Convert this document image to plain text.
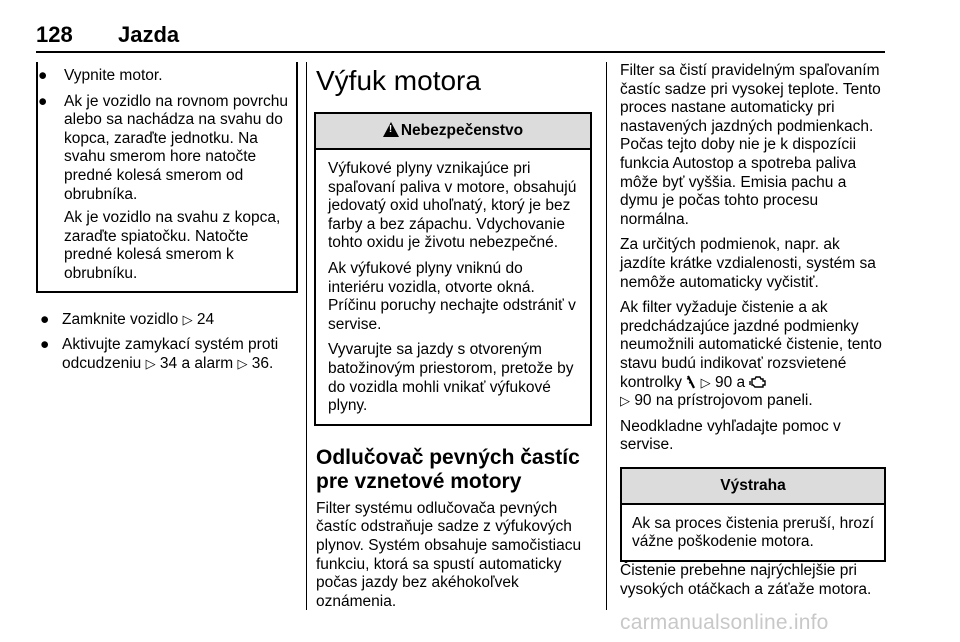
128 Jazda
● Vypnite motor.
● Ak je vozidlo na rovnom povrchu alebo sa nachádza na svahu do kopca, zaraďte jednotku. Na svahu smerom hore natočte predné kolesá smerom od obrubníka.
Ak je vozidlo na svahu z kopca, zaraďte spiatočku. Natočte predné kolesá smerom k obrubníku.
● Zamknite vozidlo ▷ 24
● Aktivujte zamykací systém proti odcudzeniu ▷ 34 a alarm ▷ 36.
Výfuk motora
!Nebezpečenstvo

Výfukové plyny vznikajúce pri spaľovaní paliva v motore, obsahujú jedovatý oxid uhoľnatý, ktorý je bez farby a bez zápachu. Vdychovanie tohto oxidu je životu nebezpečné.

Ak výfukové plyny vniknú do interiéru vozidla, otvorte okná. Príčinu poruchy nechajte odstrániť v servise.

Vyvarujte sa jazdy s otvoreným batožinovým priestorom, pretože by do vozidla mohli vnikať výfukové plyny.

Odlučovač pevných častíc pre vznetové motory

Filter systému odlučovača pevných častíc odstraňuje sadze z výfukových plynov. Systém obsahuje samočistiacu funkciu, ktorá sa spustí automaticky počas jazdy bez akéhokoľvek oznámenia.

Filter sa čistí pravidelným spaľovaním častíc sadze pri vysokej teplote. Tento proces nastane automaticky pri nastavených jazdných podmienkach. Počas tejto doby nie je k dispozícii funkcia Autostop a spotreba paliva môže byť vyššia. Emisia pachu a dymu je počas tohto procesu normálna.

Za určitých podmienok, napr. ak jazdíte krátke vzdialenosti, systém sa nemôže automaticky vyčistiť.

Ak filter vyžaduje čistenie a ak predchádzajúce jazdné podmienky neumožnili automatické čistenie, tento stavu budú indikovať rozsvietené kontrolky ▷ 90 a
▷ 90 na prístrojovom paneli.

Neodkladne vyhľadajte pomoc v servise.

Výstraha
Ak sa proces čistenia preruší, hrozí vážne poškodenie motora.

Čistenie prebehne najrýchlejšie pri vysokých otáčkach a záťaže motora.

carmanualsonline.info
